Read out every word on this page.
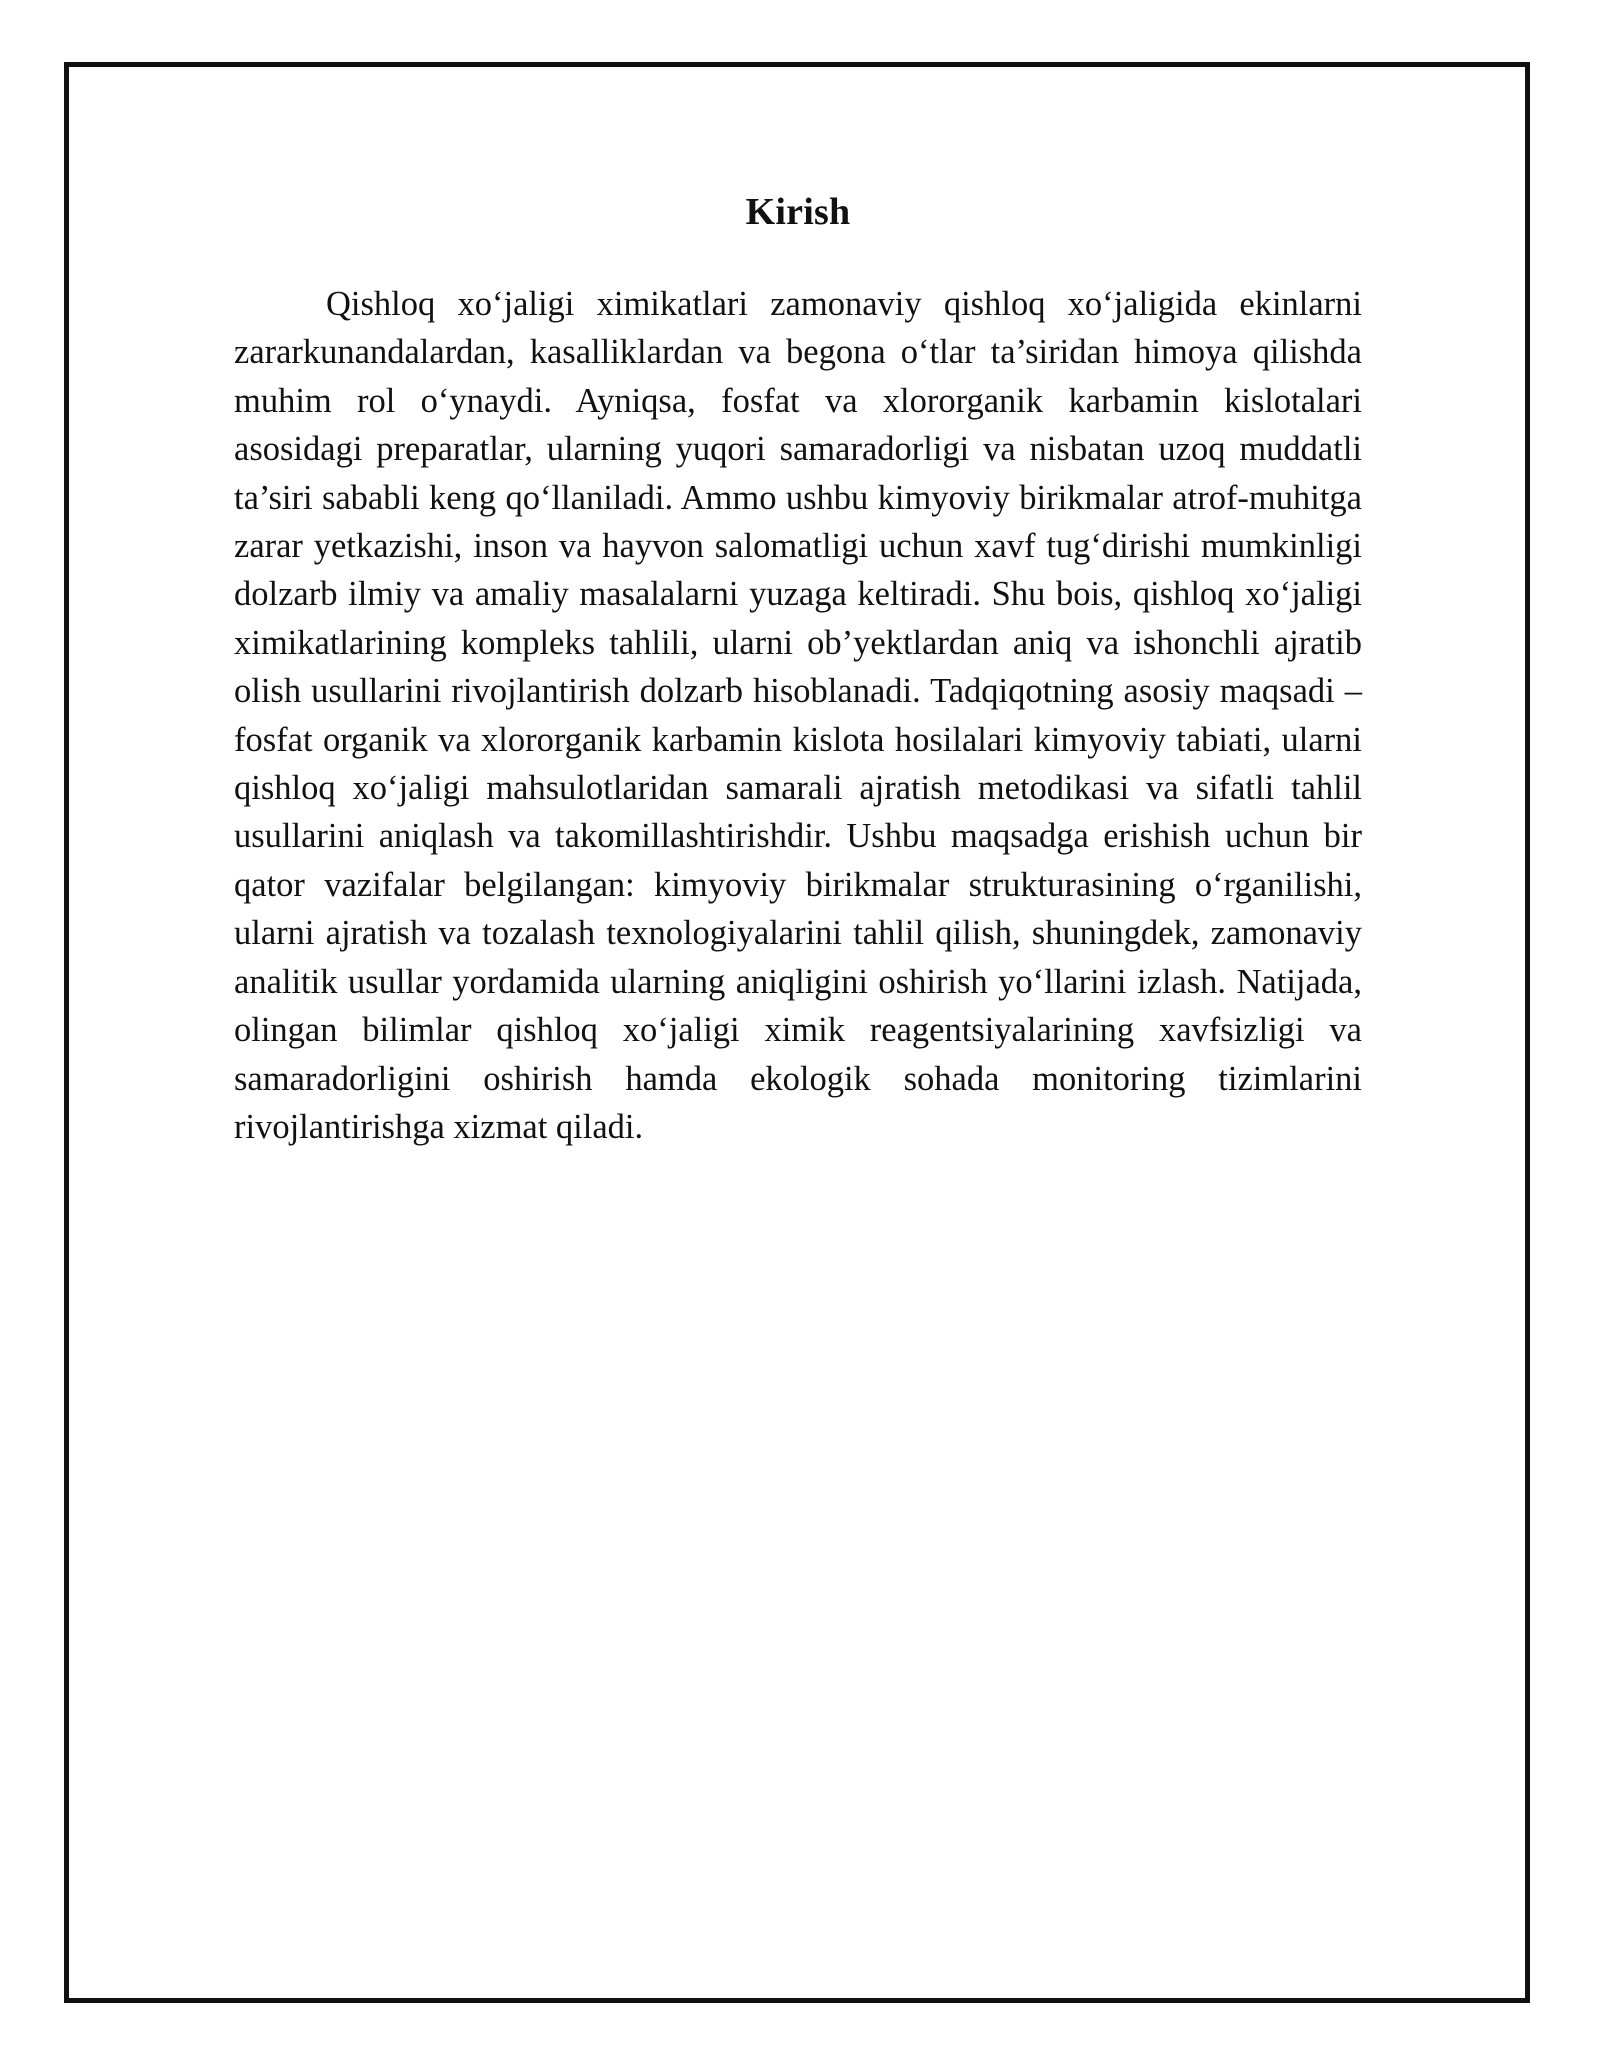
Kirish

Qishloq xo‘jaligi ximikatlari zamonaviy qishloq xo‘jaligida ekinlarni zararkunandalardan, kasalliklardan va begona o‘tlar ta’siridan himoya qilishda muhim rol o‘ynaydi. Ayniqsa, fosfat va xlororganik karbamin kislotalari asosidagi preparatlar, ularning yuqori samaradorligi va nisbatan uzoq muddatli ta’siri sababli keng qo‘llaniladi. Ammo ushbu kimyoviy birikmalar atrof-muhitga zarar yetkazishi, inson va hayvon salomatligi uchun xavf tug‘dirishi mumkinligi dolzarb ilmiy va amaliy masalalarni yuzaga keltiradi. Shu bois, qishloq xo‘jaligi ximikatlarining kompleks tahlili, ularni ob’yektlardan aniq va ishonchli ajratib olish usullarini rivojlantirish dolzarb hisoblanadi. Tadqiqotning asosiy maqsadi – fosfat organik va xlororganik karbamin kislota hosilalari kimyoviy tabiati, ularni qishloq xo‘jaligi mahsulotlaridan samarali ajratish metodikasi va sifatli tahlil usullarini aniqlash va takomillashtirishdir. Ushbu maqsadga erishish uchun bir qator vazifalar belgilangan: kimyoviy birikmalar strukturasining o‘rganilishi, ularni ajratish va tozalash texnologiyalarini tahlil qilish, shuningdek, zamonaviy analitik usullar yordamida ularning aniqligini oshirish yo‘llarini izlash. Natijada, olingan bilimlar qishloq xo‘jaligi ximik reagentsiyalarining xavfsizligi va samaradorligini oshirish hamda ekologik sohada monitoring tizimlarini rivojlantirishga xizmat qiladi.
